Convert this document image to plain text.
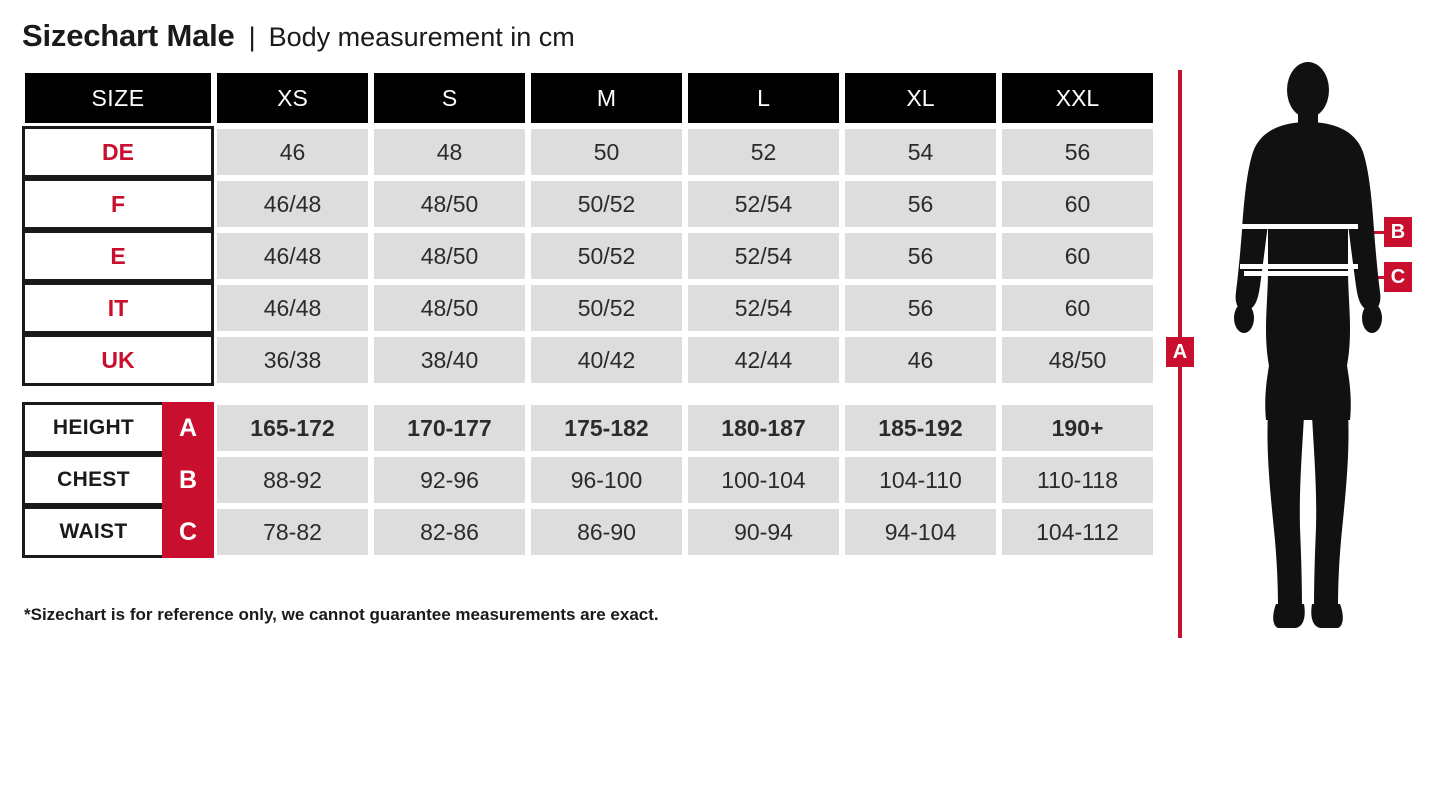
Sizechart Male | Body measurement in cm
SIZE	XS	S	M	L	XL	XXL

DE	46	48	50	52	54	56

F	46/48	48/50	50/52	52/54	56	60

E	46/48	48/50	50/52	52/54	56	60

IT	46/48	48/50	50/52	52/54	56	60

UK	36/38	38/40	40/42	42/44	46	48/50

HEIGHT A	165-172	170-177	175-182	180-187	185-192	190+

CHEST B	88-92	92-96	96-100	100-104	104-110	110-118

WAIST C	78-82	82-86	86-90	90-94	94-104	104-112
*Sizechart is for reference only, we cannot guarantee measurements are exact.
A
B
C
